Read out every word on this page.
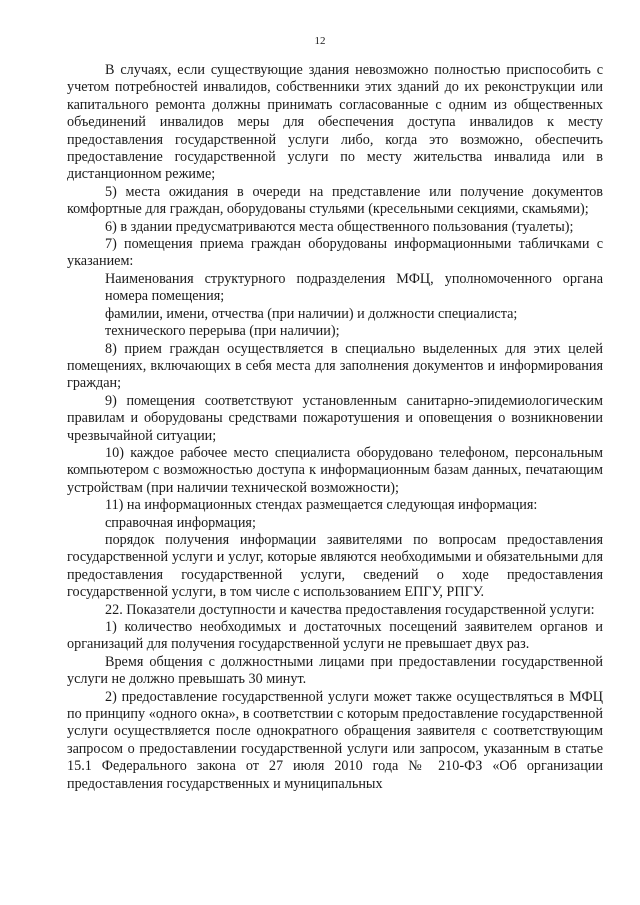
12

В случаях, если существующие здания невозможно полностью приспособить с учетом потребностей инвалидов, собственники этих зданий до их реконструкции или капитального ремонта должны принимать согласованные с одним из общественных объединений инвалидов меры для обеспечения доступа инвалидов к месту предоставления государственной услуги либо, когда это возможно, обеспечить предоставление государственной услуги по месту жительства инвалида или в дистанционном режиме;

5) места ожидания в очереди на представление или получение документов комфортные для граждан, оборудованы стульями (кресельными секциями, скамьями);

6) в здании предусматриваются места общественного пользования (туалеты);

7) помещения приема граждан оборудованы информационными табличками с указанием:

Наименования структурного подразделения МФЦ, уполномоченного органа номера помещения;

фамилии, имени, отчества (при наличии) и должности специалиста;

технического перерыва (при наличии);

8) прием граждан осуществляется в специально выделенных для этих целей помещениях, включающих в себя места для заполнения документов и информирования граждан;

9) помещения соответствуют установленным санитарно-эпидемиологическим правилам и оборудованы средствами пожаротушения и оповещения о возникновении чрезвычайной ситуации;

10) каждое рабочее место специалиста оборудовано телефоном, персональным компьютером с возможностью доступа к информационным базам данных, печатающим устройствам (при наличии технической возможности);

11) на информационных стендах размещается следующая информация:

справочная информация;

порядок получения информации заявителями по вопросам предоставления государственной услуги и услуг, которые являются необходимыми и обязательными для предоставления государственной услуги, сведений о ходе предоставления государственной услуги, в том числе с использованием ЕПГУ, РПГУ.

22. Показатели доступности и качества предоставления государственной услуги:

1) количество необходимых и достаточных посещений заявителем органов и организаций для получения государственной услуги не превышает двух раз.

Время общения с должностными лицами при предоставлении государственной услуги не должно превышать 30 минут.

2) предоставление государственной услуги может также осуществляться в МФЦ по принципу «одного окна», в соответствии с которым предоставление государственной услуги осуществляется после однократного обращения заявителя с соответствующим запросом о предоставлении государственной услуги или запросом, указанным в статье 15.1 Федерального закона от 27 июля 2010 года № 210-ФЗ «Об организации предоставления государственных и муниципальных
